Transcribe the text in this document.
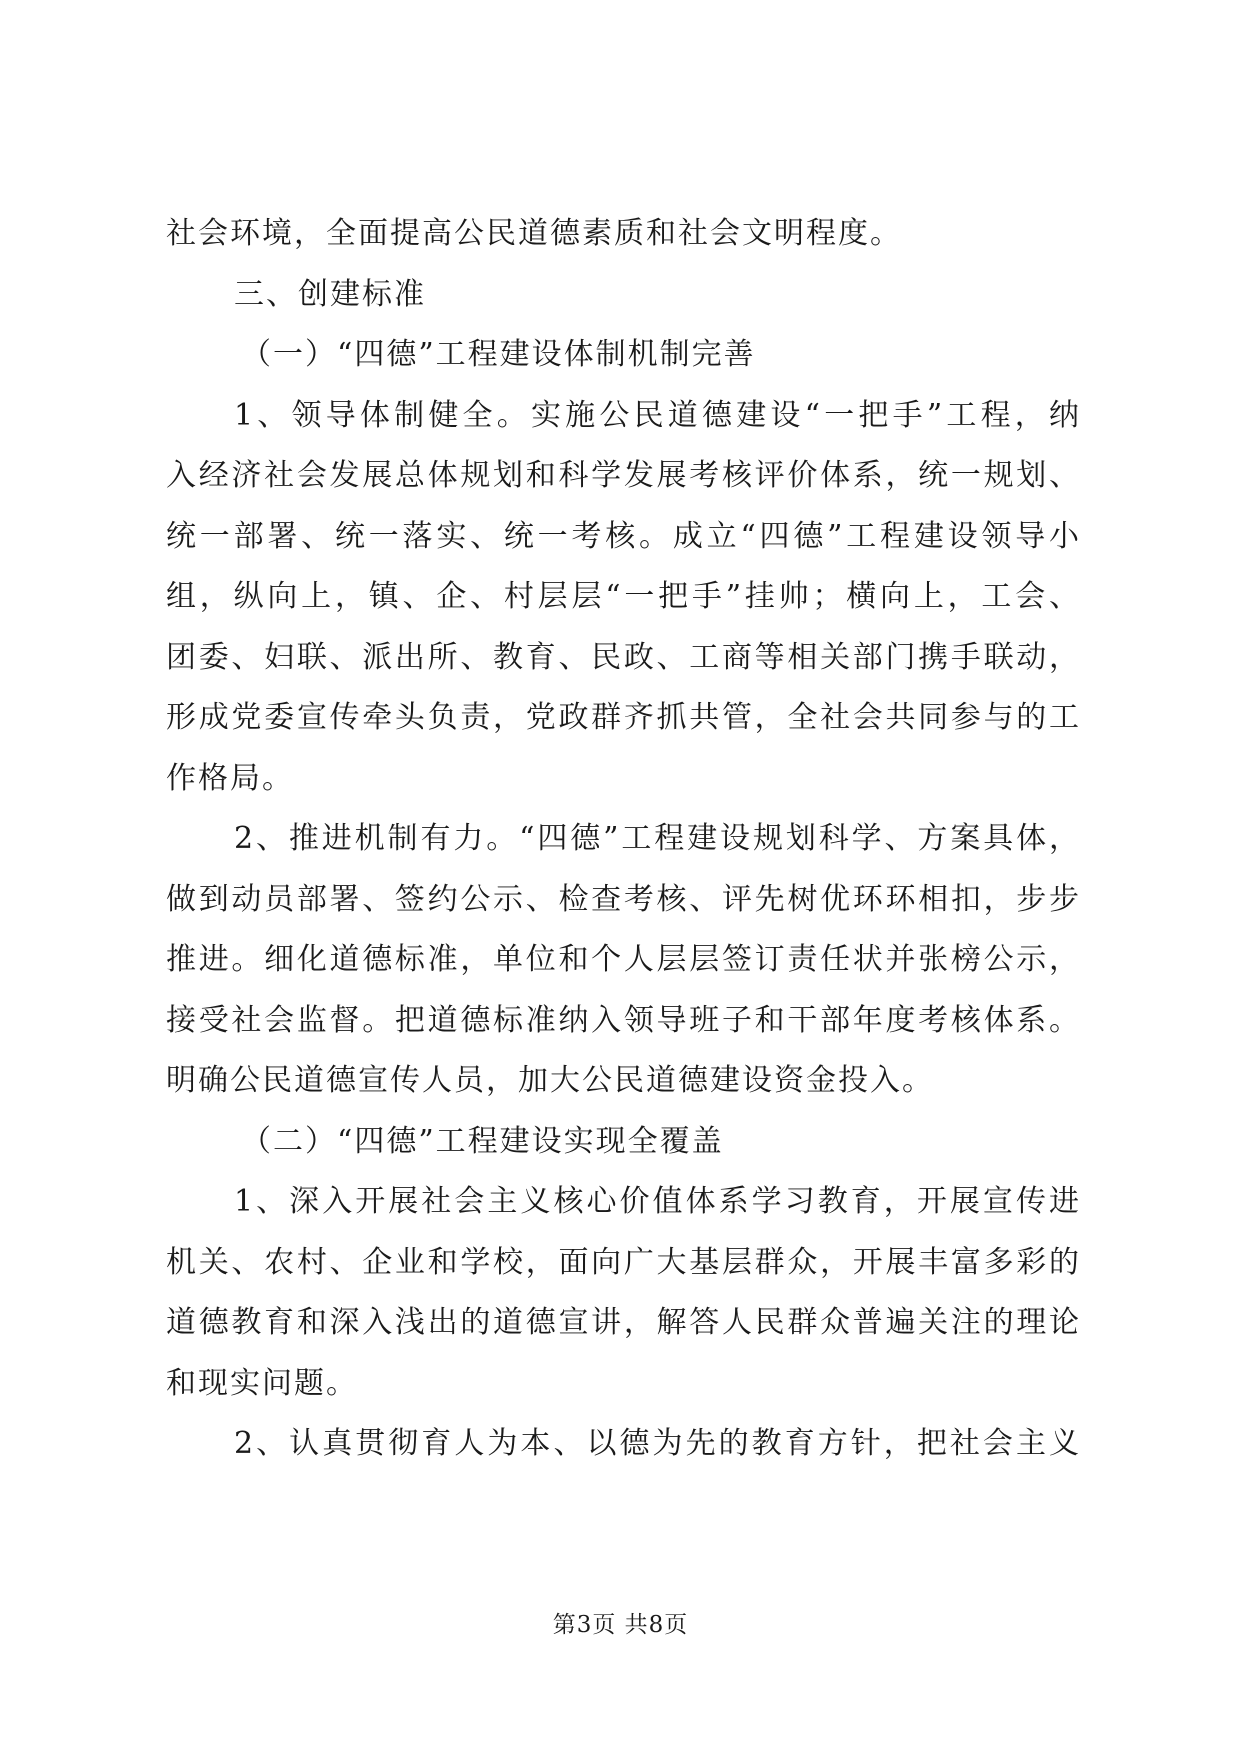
社会环境，全面提高公民道德素质和社会文明程度。
三、创建标准
（一）“四德”工程建设体制机制完善
1、领导体制健全。实施公民道德建设“一把手”工程，纳
入经济社会发展总体规划和科学发展考核评价体系，统一规划、
统一部署、统一落实、统一考核。成立“四德”工程建设领导小
组，纵向上，镇、企、村层层“一把手”挂帅；横向上，工会、
团委、妇联、派出所、教育、民政、工商等相关部门携手联动，
形成党委宣传牵头负责，党政群齐抓共管，全社会共同参与的工
作格局。
2、推进机制有力。“四德”工程建设规划科学、方案具体，
做到动员部署、签约公示、检查考核、评先树优环环相扣，步步
推进。细化道德标准，单位和个人层层签订责任状并张榜公示，
接受社会监督。把道德标准纳入领导班子和干部年度考核体系。
明确公民道德宣传人员，加大公民道德建设资金投入。
（二）“四德”工程建设实现全覆盖
1、深入开展社会主义核心价值体系学习教育，开展宣传进
机关、农村、企业和学校，面向广大基层群众，开展丰富多彩的
道德教育和深入浅出的道德宣讲，解答人民群众普遍关注的理论
和现实问题。
2、认真贯彻育人为本、以德为先的教育方针，把社会主义
第3页 共8页
